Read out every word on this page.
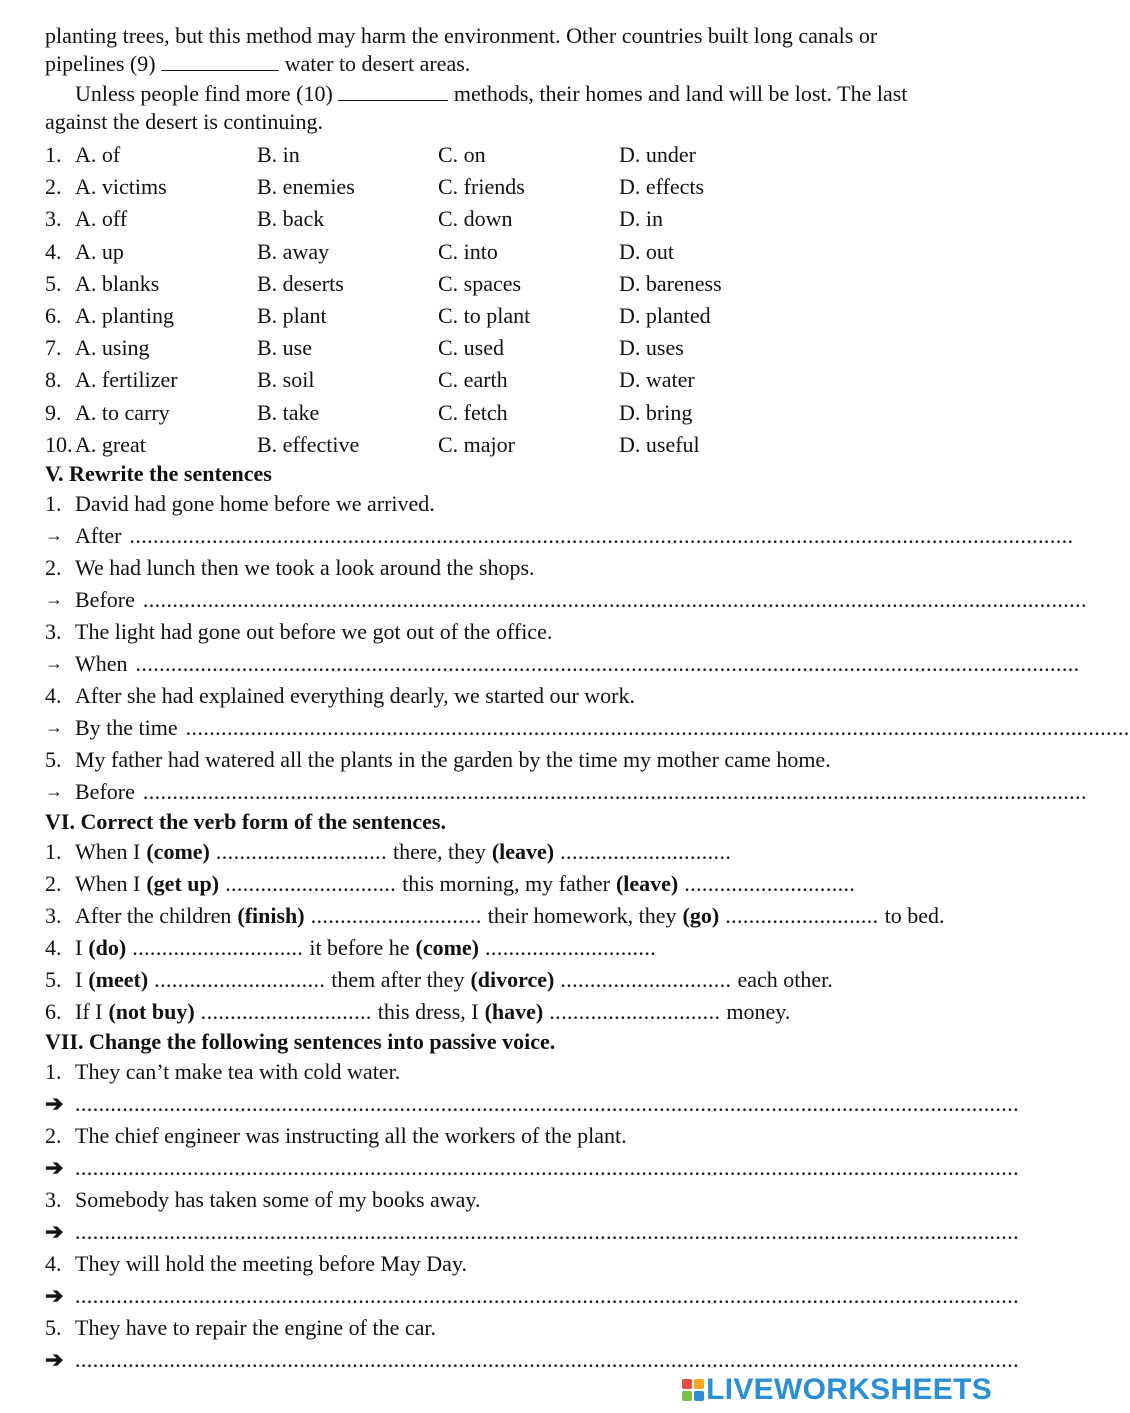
planting trees, but this method may harm the environment. Other countries built long canals or

pipelines (9)	water to desert areas.

Unless people find more (10)	methods, their homes and land will be lost. The last

against the desert is continuing.

1. A. of	B. in	C. on	D. under
2. A. victims	B. enemies	C. friends	D. effects
3. A. off	B. back	C. down	D. in
4. A. up	B. away	C. into	D. out
5. A. blanks	B. deserts	C. spaces	D. bareness
6. A. planting	B. plant	C. to plant	D. planted
7. A. using	B. use	C. used	D. uses
8. A. fertilizer	B. soil	C. earth	D. water
9. A. to carry	B. take	C. fetch	D. bring
10. A. great	B. effective	C. major	D. useful
V. Rewrite the sentences
1. David had gone home before we arrived.
→ After ................................................................................................................................................................
2. We had lunch then we took a look around the shops.
→ Before ................................................................................................................................................................
3. The light had gone out before we got out of the office.
→ When ................................................................................................................................................................
4. After she had explained everything dearly, we started our work.
→ By the time ................................................................................................................................................................
5. My father had watered all the plants in the garden by the time my mother came home.
→ Before ................................................................................................................................................................
VI. Correct the verb form of the sentences.
1. When I (come) ............................. there, they (leave) .............................
2. When I (get up) ............................. this morning, my father (leave) .............................
3. After the children (finish) ............................. their homework, they (go) .......................... to bed.
4. I (do) ............................. it before he (come) .............................
5. I (meet) ............................. them after they (divorce) ............................. each other.
6. If I (not buy) ............................. this dress, I (have) ............................. money.
VII. Change the following sentences into passive voice.
1. They can’t make tea with cold water.
➔ ................................................................................................................................................................
2. The chief engineer was instructing all the workers of the plant.
➔ ................................................................................................................................................................
3. Somebody has taken some of my books away.
➔ ................................................................................................................................................................
4. They will hold the meeting before May Day.
➔ ................................................................................................................................................................
5. They have to repair the engine of the car.
➔ ................................................................................................................................................................
LIVEWORKSHEETS
